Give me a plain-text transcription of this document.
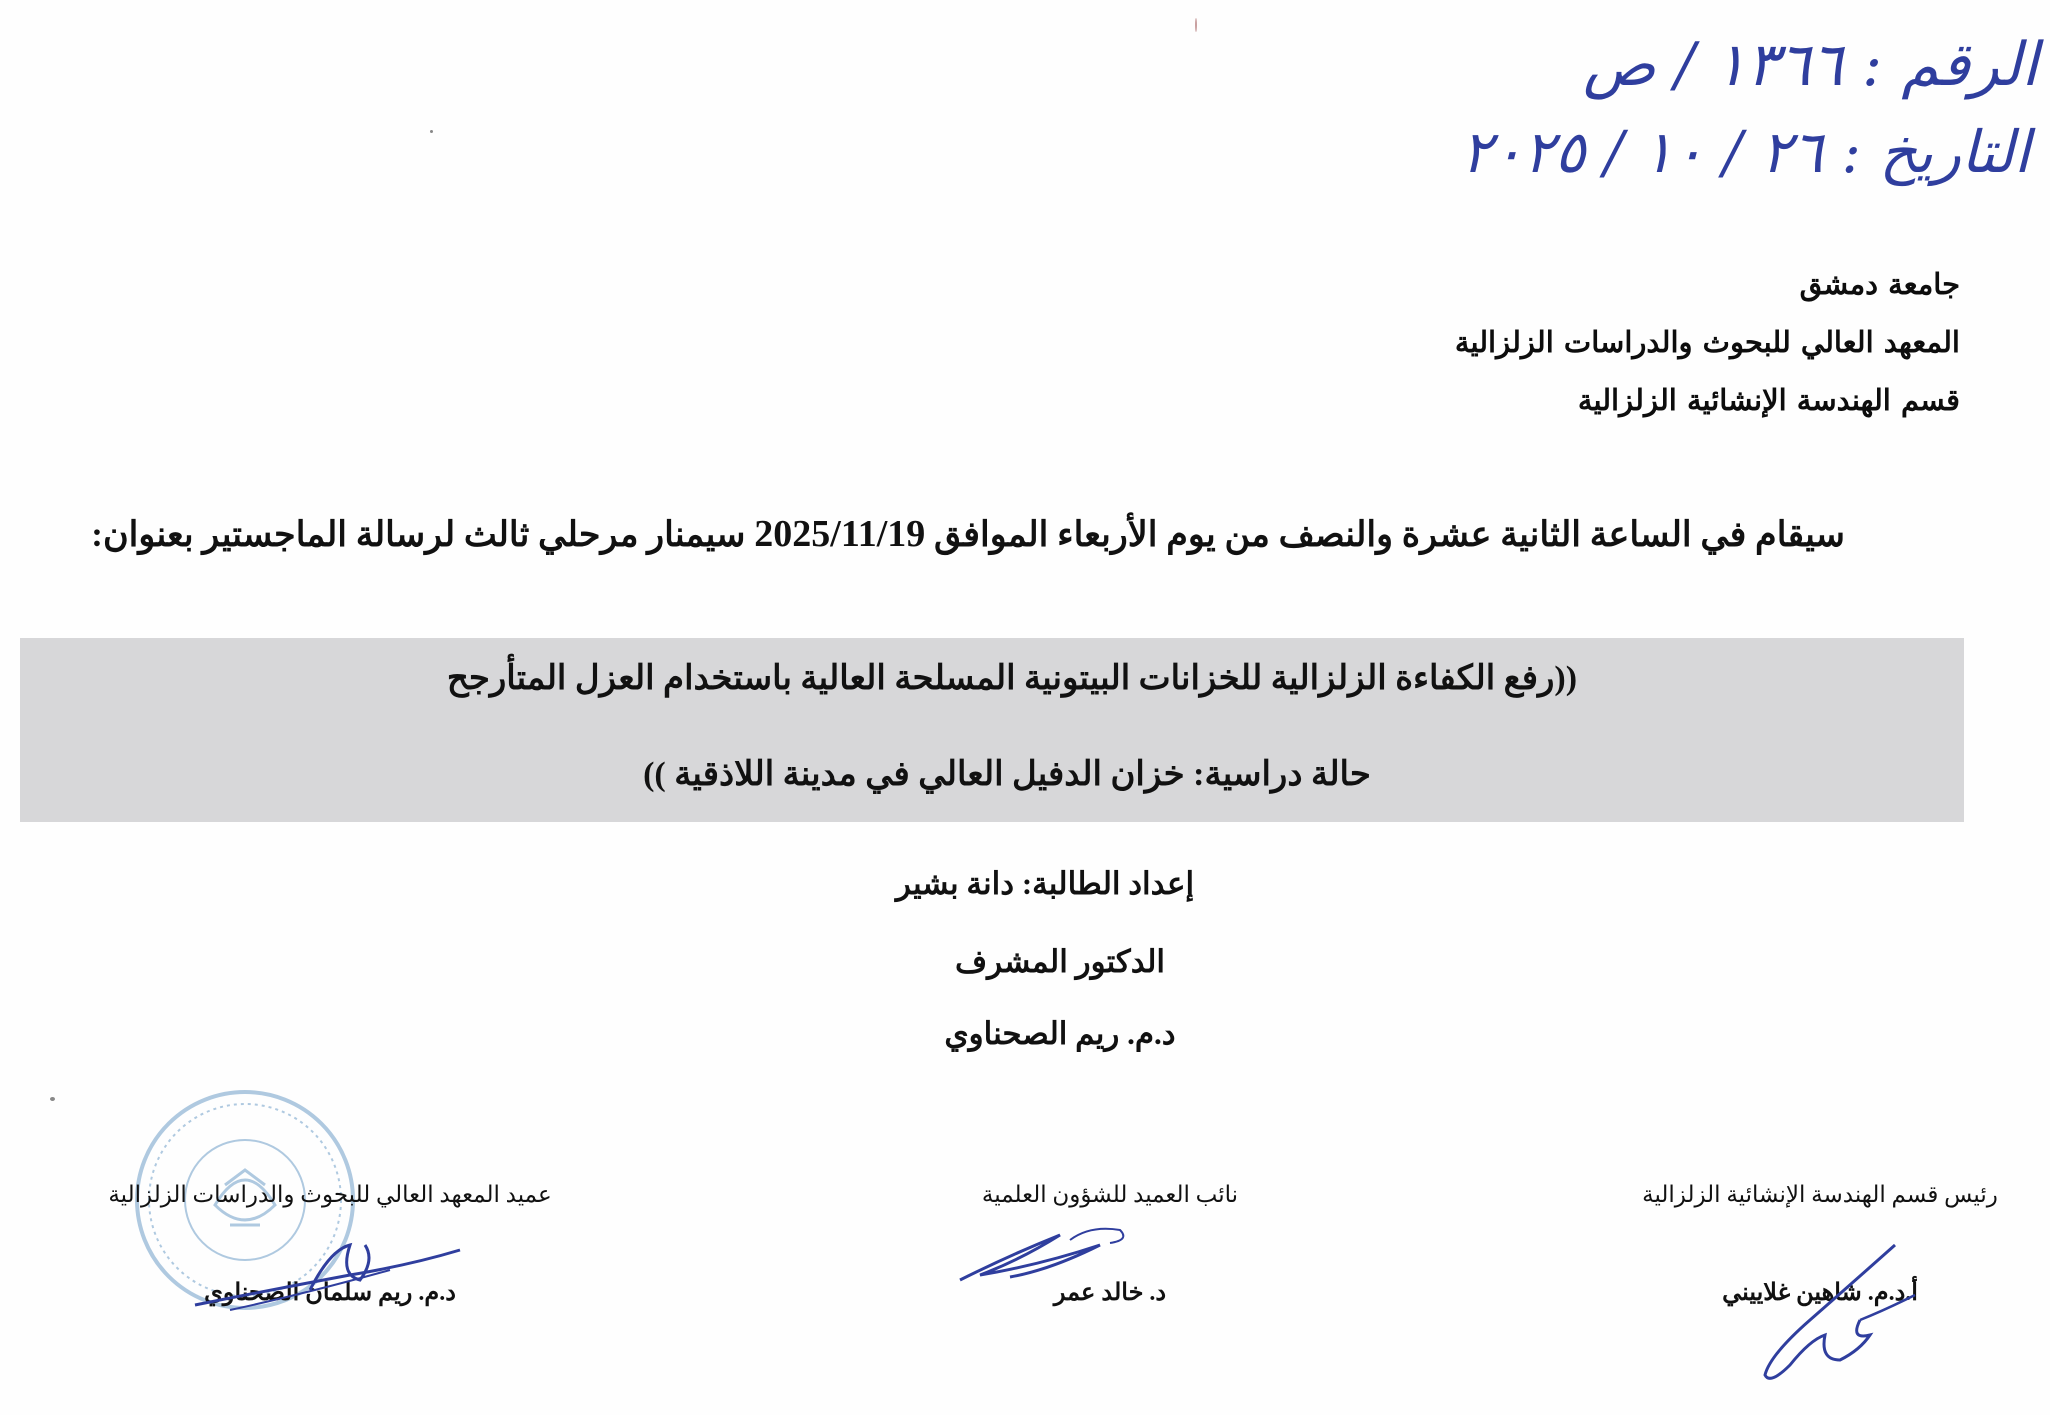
الرقم : ١٣٦٦ / ص
التاريخ : ٢٦ / ١٠ / ٢٠٢٥
جامعة دمشق
المعهد العالي للبحوث والدراسات الزلزالية
قسم الهندسة الإنشائية الزلزالية
سيقام في الساعة الثانية عشرة والنصف من يوم الأربعاء الموافق 2025/11/19 سيمنار مرحلي ثالث لرسالة الماجستير بعنوان:
((رفع الكفاءة الزلزالية للخزانات البيتونية المسلحة العالية باستخدام العزل المتأرجح
حالة دراسية: خزان الدفيل العالي في مدينة اللاذقية ))
إعداد الطالبة: دانة بشير
الدكتور المشرف
د.م. ريم الصحناوي
رئيس قسم الهندسة الإنشائية الزلزالية
أ.د.م. شاهين غلاييني
نائب العميد للشؤون العلمية
د. خالد عمر
عميد المعهد العالي للبحوث والدراسات الزلزالية
د.م. ريم سلمان الصحناوي
